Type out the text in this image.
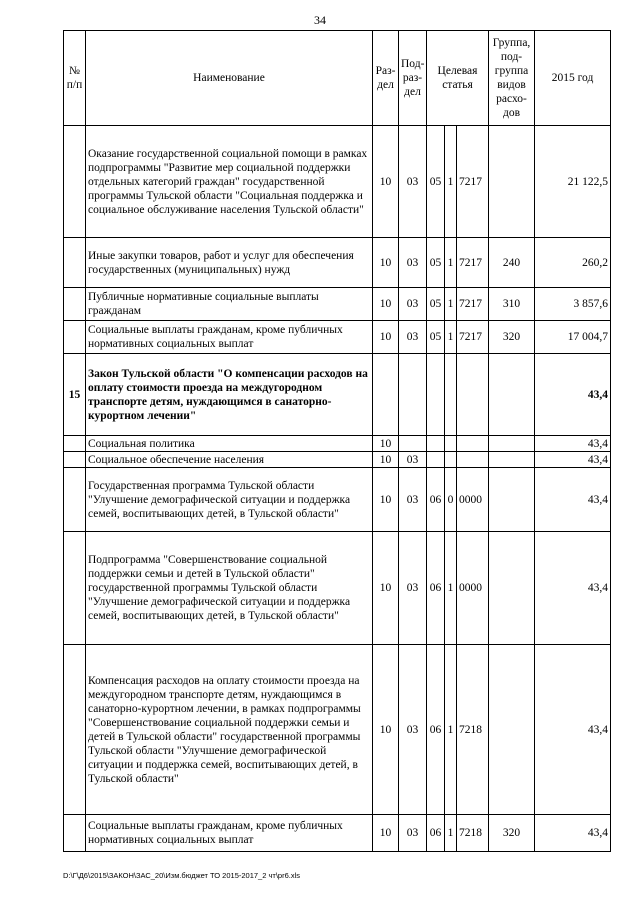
34
№ п/п	Наименование	Раз-дел	Под-раз-дел	Целевая статья			Группа, под-группа видов расхо-дов	2015 год
	Оказание государственной социальной помощи в рамках подпрограммы "Развитие мер социальной поддержки отдельных категорий граждан" государственной программы Тульской области "Социальная поддержка и социальное обслуживание населения Тульской области"	10	03	05	1	7217		21 122,5
	Иные закупки товаров, работ и услуг для обеспечения государственных (муниципальных) нужд	10	03	05	1	7217	240	260,2
	Публичные нормативные социальные выплаты гражданам	10	03	05	1	7217	310	3 857,6
	Социальные выплаты гражданам, кроме публичных нормативных социальных выплат	10	03	05	1	7217	320	17 004,7
15	Закон Тульской области "О компенсации расходов на оплату стоимости проезда на междугородном транспорте детям, нуждающимся в санаторно-курортном лечении"							43,4
	Социальная политика	10						43,4
	Социальное обеспечение населения	10	03					43,4
	Государственная программа Тульской области "Улучшение демографической ситуации и поддержка семей, воспитывающих детей, в Тульской области"	10	03	06	0	0000		43,4
	Подпрограмма "Совершенствование социальной поддержки семьи и детей в Тульской области" государственной программы Тульской области "Улучшение демографической ситуации и поддержка семей, воспитывающих детей, в Тульской области"	10	03	06	1	0000		43,4
	Компенсация расходов на оплату стоимости проезда на междугородном транспорте детям, нуждающимся в санаторно-курортном лечении, в рамках подпрограммы "Совершенствование социальной поддержки семьи и детей в Тульской области" государственной программы Тульской области "Улучшение демографической ситуации и поддержка семей, воспитывающих детей, в Тульской области"	10	03	06	1	7218		43,4
	Социальные выплаты гражданам, кроме публичных нормативных социальных выплат	10	03	06	1	7218	320	43,4
D:\Г\Д6\2015\ЗАКОН\ЗАС_20\Изм.бюджет ТО 2015-2017_2 чт\pr6.xls
